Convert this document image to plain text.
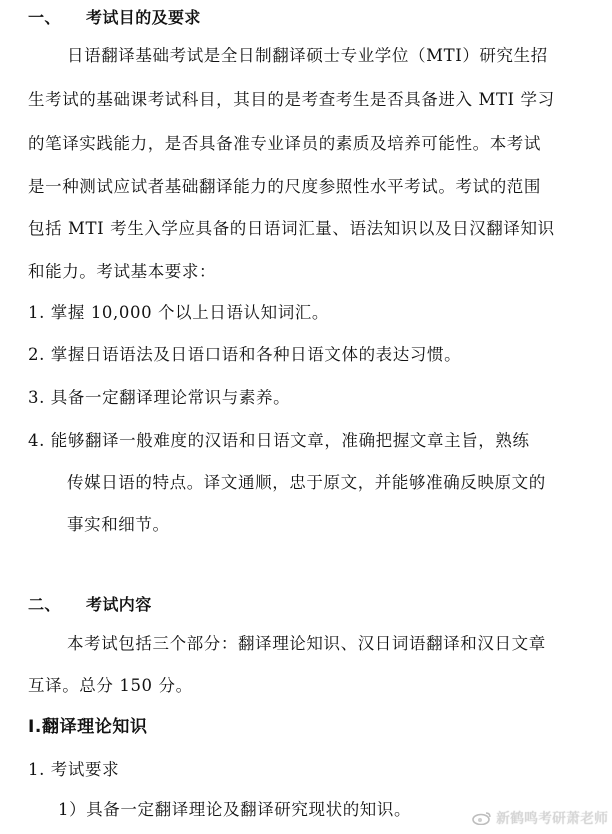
一、 考试目的及要求
日语翻译基础考试是全日制翻译硕士专业学位（MTI）研究生招
生考试的基础课考试科目，其目的是考查考生是否具备进入 MTI 学习
的笔译实践能力，是否具备准专业译员的素质及培养可能性。本考试
是一种测试应试者基础翻译能力的尺度参照性水平考试。考试的范围
包括 MTI 考生入学应具备的日语词汇量、语法知识以及日汉翻译知识
和能力。考试基本要求：
1. 掌握 10,000 个以上日语认知词汇。
2. 掌握日语语法及日语口语和各种日语文体的表达习惯。
3. 具备一定翻译理论常识与素养。
4. 能够翻译一般难度的汉语和日语文章，准确把握文章主旨，熟练
传媒日语的特点。译文通顺，忠于原文，并能够准确反映原文的
事实和细节。
二、 考试内容
本考试包括三个部分：翻译理论知识、汉日词语翻译和汉日文章
互译。总分 150 分。
Ⅰ.翻译理论知识
1. 考试要求
1）具备一定翻译理论及翻译研究现状的知识。	新鹤鸣考研萧老师
